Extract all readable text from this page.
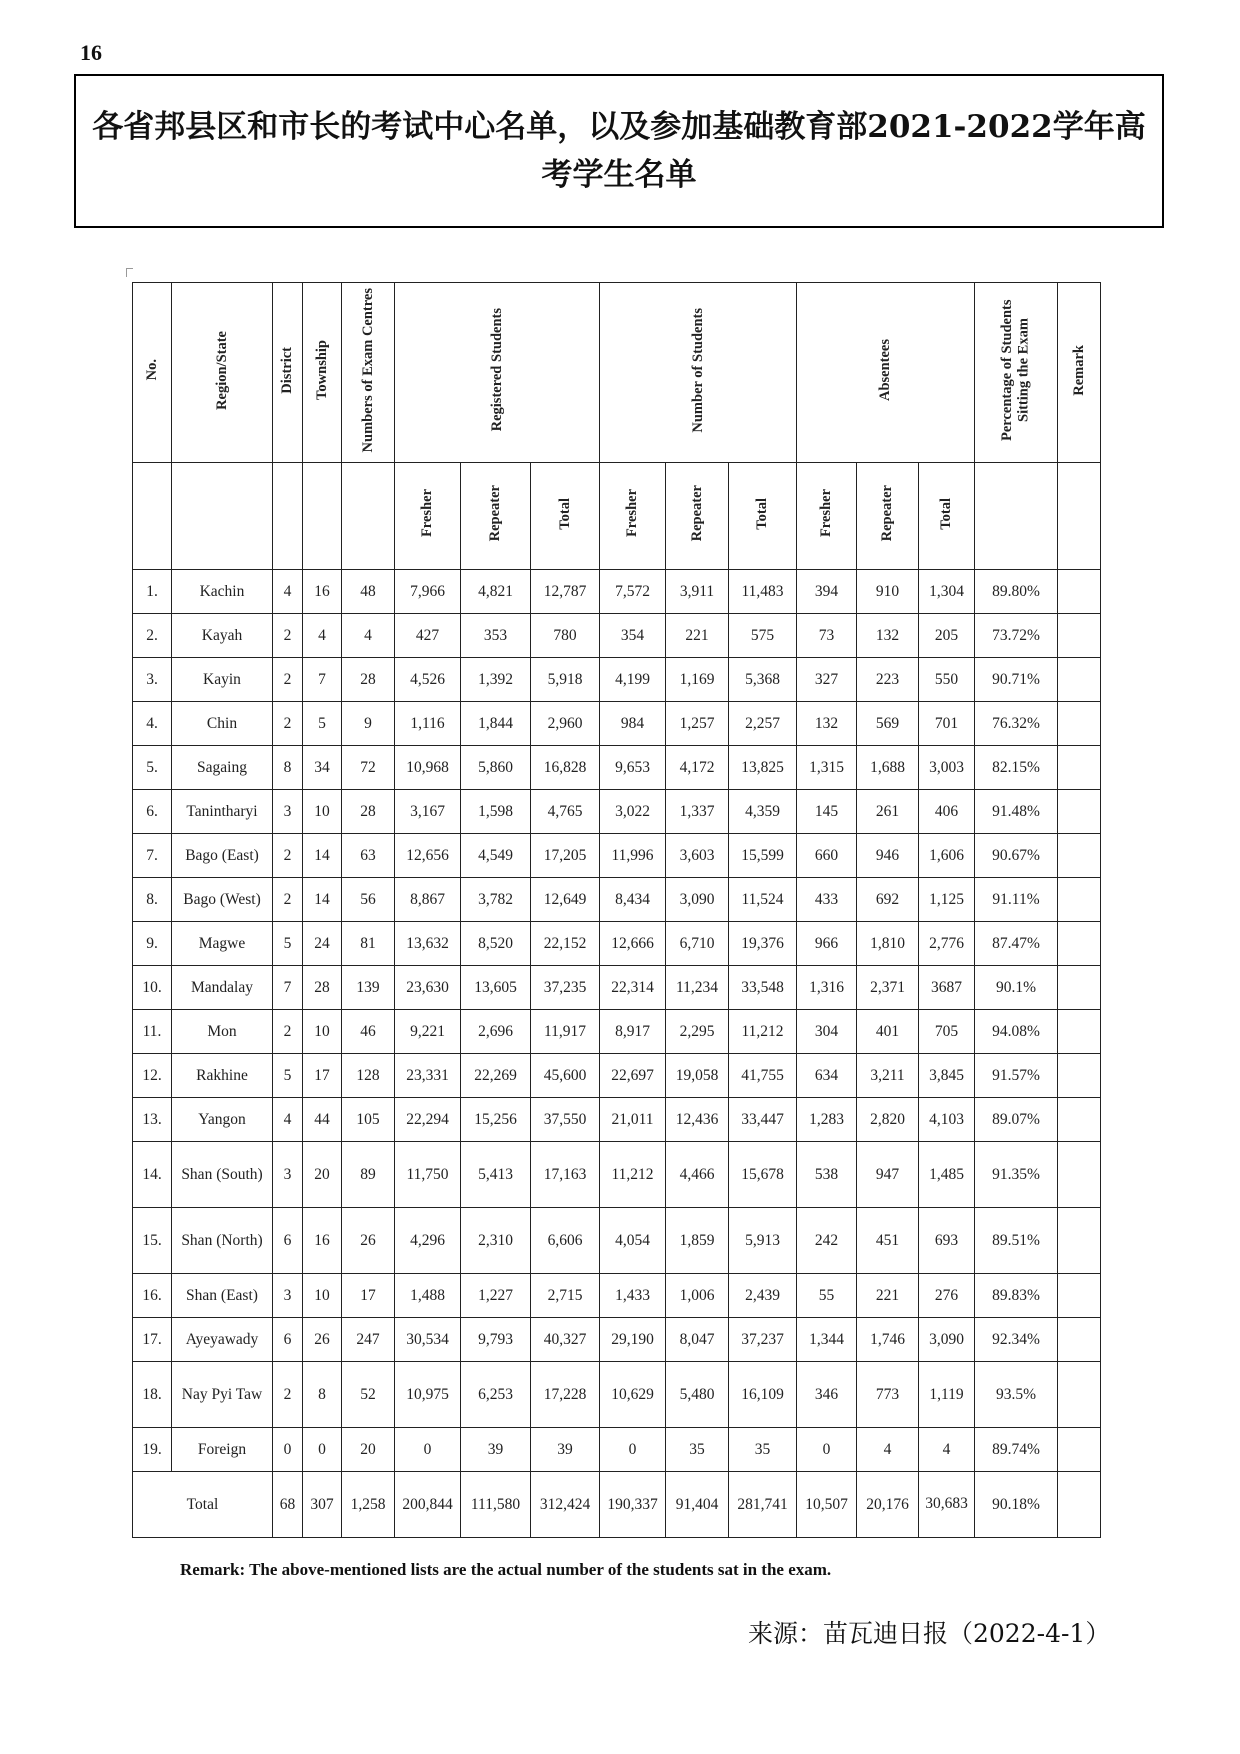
16
各省邦县区和市长的考试中心名单，以及参加基础教育部2021-2022学年高考学生名单
No.	Region/State	District	Township	Numbers of Exam Centres	Registered Students			Number of Students			Absentees			Percentage of Students Sitting the Exam	Remark
					Fresher	Repeater	Total	Fresher	Repeater	Total	Fresher	Repeater	Total		
1.	Kachin	4	16	48	7,966	4,821	12,787	7,572	3,911	11,483	394	910	1,304	89.80%	
2.	Kayah	2	4	4	427	353	780	354	221	575	73	132	205	73.72%	
3.	Kayin	2	7	28	4,526	1,392	5,918	4,199	1,169	5,368	327	223	550	90.71%	
4.	Chin	2	5	9	1,116	1,844	2,960	984	1,257	2,257	132	569	701	76.32%	
5.	Sagaing	8	34	72	10,968	5,860	16,828	9,653	4,172	13,825	1,315	1,688	3,003	82.15%	
6.	Tanintharyi	3	10	28	3,167	1,598	4,765	3,022	1,337	4,359	145	261	406	91.48%	
7.	Bago (East)	2	14	63	12,656	4,549	17,205	11,996	3,603	15,599	660	946	1,606	90.67%	
8.	Bago (West)	2	14	56	8,867	3,782	12,649	8,434	3,090	11,524	433	692	1,125	91.11%	
9.	Magwe	5	24	81	13,632	8,520	22,152	12,666	6,710	19,376	966	1,810	2,776	87.47%	
10.	Mandalay	7	28	139	23,630	13,605	37,235	22,314	11,234	33,548	1,316	2,371	3687	90.1%	
11.	Mon	2	10	46	9,221	2,696	11,917	8,917	2,295	11,212	304	401	705	94.08%	
12.	Rakhine	5	17	128	23,331	22,269	45,600	22,697	19,058	41,755	634	3,211	3,845	91.57%	
13.	Yangon	4	44	105	22,294	15,256	37,550	21,011	12,436	33,447	1,283	2,820	4,103	89.07%	
14.	Shan (South)	3	20	89	11,750	5,413	17,163	11,212	4,466	15,678	538	947	1,485	91.35%	
15.	Shan (North)	6	16	26	4,296	2,310	6,606	4,054	1,859	5,913	242	451	693	89.51%	
16.	Shan (East)	3	10	17	1,488	1,227	2,715	1,433	1,006	2,439	55	221	276	89.83%	
17.	Ayeyawady	6	26	247	30,534	9,793	40,327	29,190	8,047	37,237	1,344	1,746	3,090	92.34%	
18.	Nay Pyi Taw	2	8	52	10,975	6,253	17,228	10,629	5,480	16,109	346	773	1,119	93.5%	
19.	Foreign	0	0	20	0	39	39	0	35	35	0	4	4	89.74%	
Total		68	307	1,258	200,844	111,580	312,424	190,337	91,404	281,741	10,507	20,176	30,683	90.18%	
Remark: The above-mentioned lists are the actual number of the students sat in the exam.
来源：苗瓦迪日报（2022-4-1）
